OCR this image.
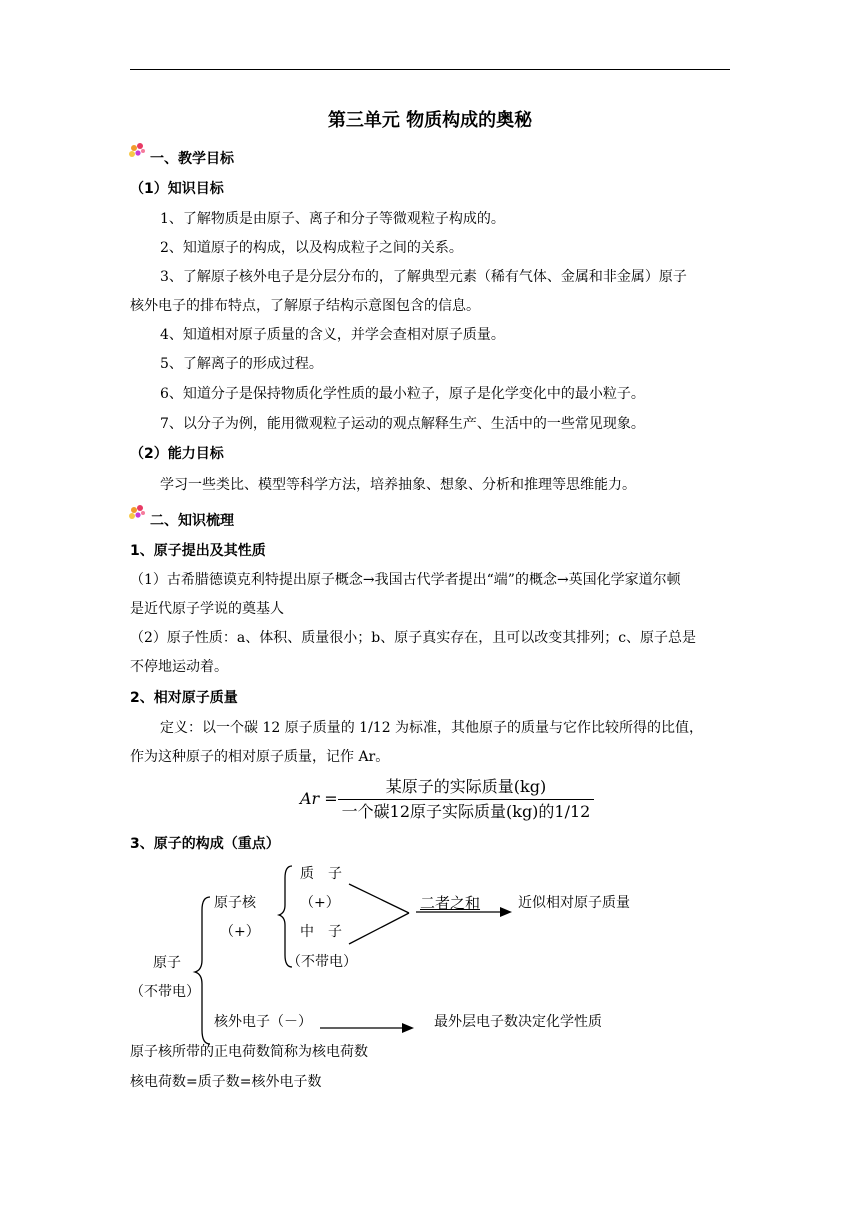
第三单元 物质构成的奥秘
一、教学目标
（1）知识目标
1、了解物质是由原子、离子和分子等微观粒子构成的。
2、知道原子的构成，以及构成粒子之间的关系。
3、了解原子核外电子是分层分布的，了解典型元素（稀有气体、金属和非金属）原子
核外电子的排布特点，了解原子结构示意图包含的信息。
4、知道相对原子质量的含义，并学会查相对原子质量。
5、了解离子的形成过程。
6、知道分子是保持物质化学性质的最小粒子，原子是化学变化中的最小粒子。
7、以分子为例，能用微观粒子运动的观点解释生产、生活中的一些常见现象。
（2）能力目标
学习一些类比、模型等科学方法，培养抽象、想象、分析和推理等思维能力。
二、知识梳理
1、原子提出及其性质
（1）古希腊德谟克利特提出原子概念→我国古代学者提出“端”的概念→英国化学家道尔顿
是近代原子学说的奠基人
（2）原子性质：a、体积、质量很小；b、原子真实存在，且可以改变其排列；c、原子总是
不停地运动着。
2、相对原子质量
定义：以一个碳 12 原子质量的 1/12 为标准，其他原子的质量与它作比较所得的比值，
作为这种原子的相对原子质量，记作 Ar。
Ar =
某原子的实际质量(kg)
一个碳12原子实际质量(kg)的1/12
3、原子的构成（重点）
原子
（不带电）
原子核
（+）
质　子
（+）
中　子
（不带电）
二者之和	近似相对原子质量
核外电子（－）	最外层电子数决定化学性质
原子核所带的正电荷数简称为核电荷数
核电荷数=质子数=核外电子数
